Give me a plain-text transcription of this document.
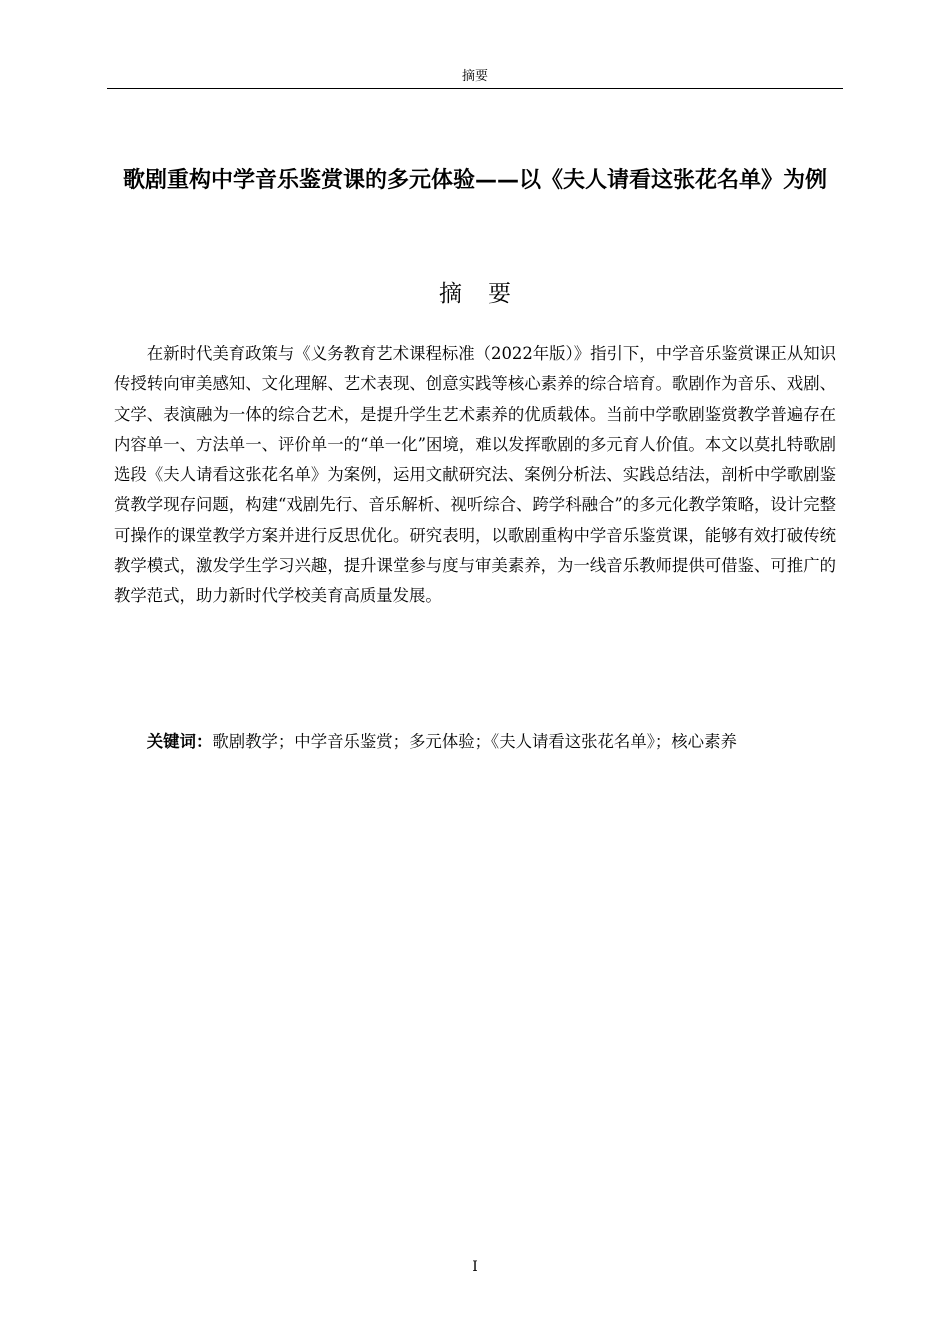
摘要
歌剧重构中学音乐鉴赏课的多元体验——以《夫人请看这张花名单》为例
摘 要

在新时代美育政策与《义务教育艺术课程标准（2022年版）》指引下，中学音乐鉴赏课正从知识传授转向审美感知、文化理解、艺术表现、创意实践等核心素养的综合培育。歌剧作为音乐、戏剧、文学、表演融为一体的综合艺术，是提升学生艺术素养的优质载体。当前中学歌剧鉴赏教学普遍存在内容单一、方法单一、评价单一的“单一化”困境，难以发挥歌剧的多元育人价值。本文以莫扎特歌剧选段《夫人请看这张花名单》为案例，运用文献研究法、案例分析法、实践总结法，剖析中学歌剧鉴赏教学现存问题，构建“戏剧先行、音乐解析、视听综合、跨学科融合”的多元化教学策略，设计完整可操作的课堂教学方案并进行反思优化。研究表明，以歌剧重构中学音乐鉴赏课，能够有效打破传统教学模式，激发学生学习兴趣，提升课堂参与度与审美素养，为一线音乐教师提供可借鉴、可推广的教学范式，助力新时代学校美育高质量发展。

关键词：歌剧教学；中学音乐鉴赏；多元体验；《夫人请看这张花名单》；核心素养

I
